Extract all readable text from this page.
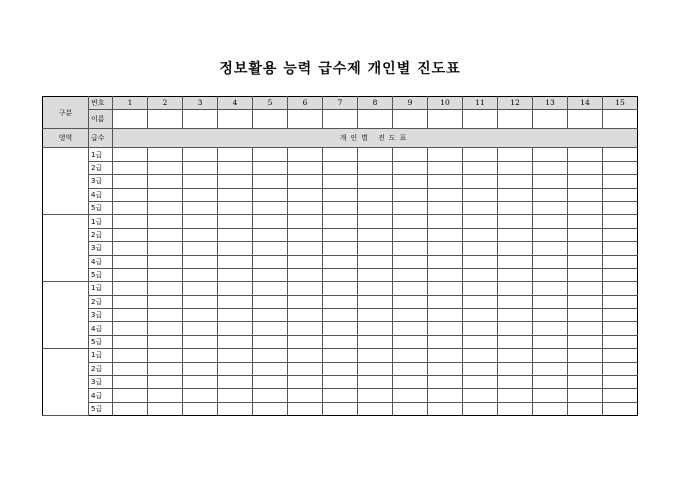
정보활용 능력 급수제 개인별 진도표
구분	번호	1	2	3	4	5	6	7	8	9	10	11	12	13	14	15
	이름															
영역	급수	개인별 진도표														
	1급															
	2급															
	3급															
	4급															
	5급															
	1급															
	2급															
	3급															
	4급															
	5급															
	1급															
	2급															
	3급															
	4급															
	5급															
	1급															
	2급															
	3급															
	4급															
	5급															
